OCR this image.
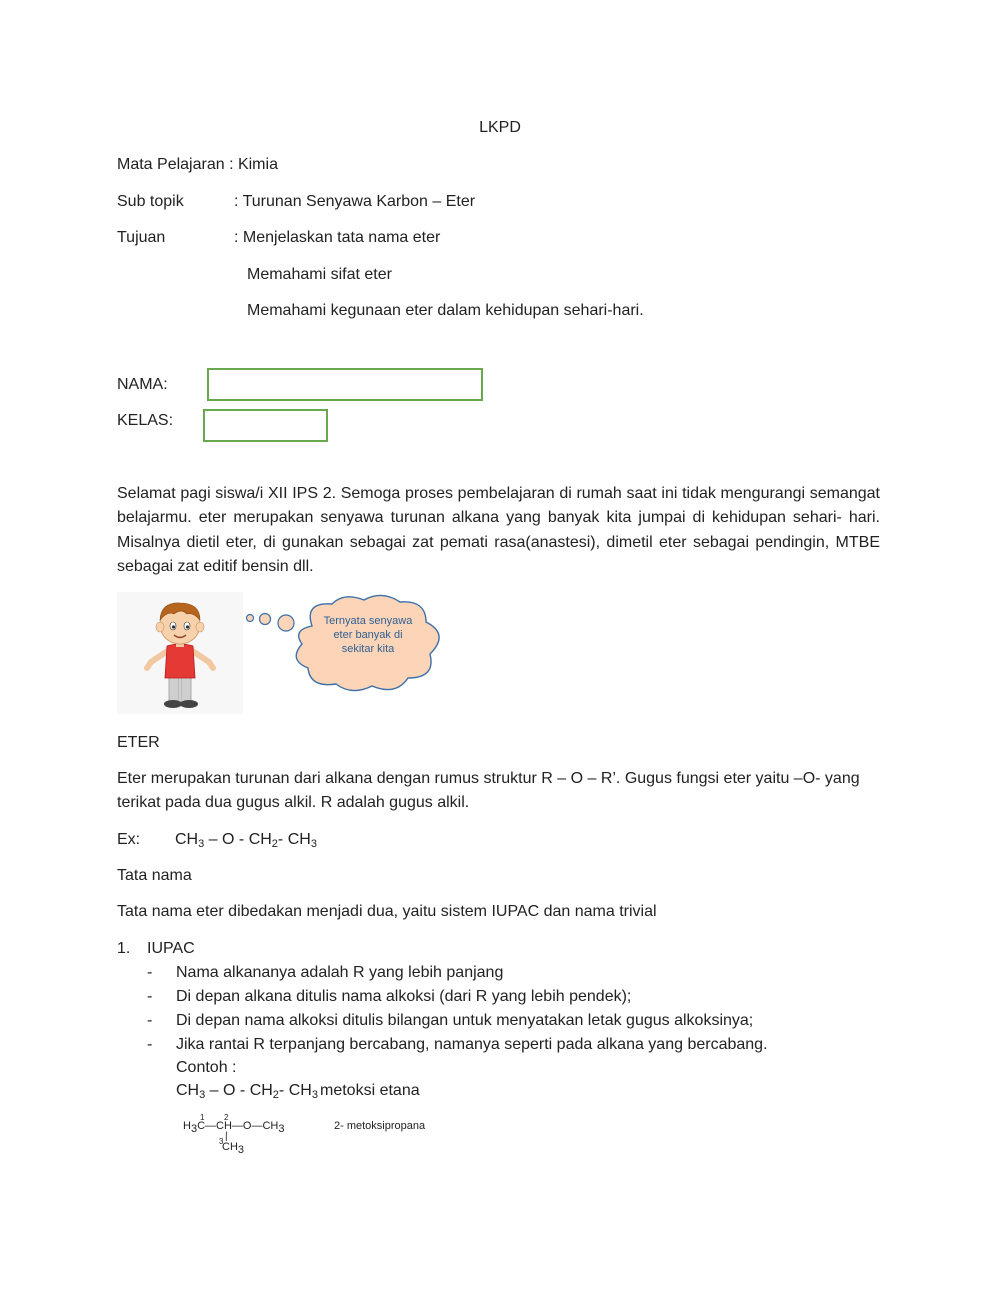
LKPD
Mata Pelajaran : Kimia
Sub topik	: Turunan Senyawa Karbon – Eter
Tujuan	: Menjelaskan tata nama eter
Memahami sifat eter
Memahami kegunaan eter dalam kehidupan sehari-hari.
NAMA:
KELAS:
Selamat pagi siswa/i XII IPS 2. Semoga proses pembelajaran di rumah saat ini tidak mengurangi semangat belajarmu. eter merupakan senyawa turunan alkana yang banyak kita jumpai di kehidupan sehari- hari. Misalnya dietil eter, di gunakan sebagai zat pemati rasa(anastesi), dimetil eter sebagai pendingin, MTBE sebagai zat editif bensin dll.
Ternyata senyawa eter banyak di sekitar kita
ETER
Eter merupakan turunan dari alkana dengan rumus struktur R – O – R’. Gugus fungsi eter yaitu –O- yang terikat pada dua gugus alkil. R adalah gugus alkil.
Ex: $CH_3$ – O - $CH_2-$ $CH_3$
Tata nama
Tata nama eter dibedakan menjadi dua, yaitu sistem IUPAC dan nama trivial
1. IUPAC
- Nama alkananya adalah R yang lebih panjang
- Di depan alkana ditulis nama alkoksi (dari R yang lebih pendek);
- Di depan nama alkoksi ditulis bilangan untuk menyatakan letak gugus alkoksinya;
- Jika rantai R terpanjang bercabang, namanya seperti pada alkana yang bercabang.
Contoh :
$CH_3$ – O - $CH_2-$ $CH_3$ metoksi etana
1 2
$H_3C—CH—O—CH_3$
|
3
$CH_3$
2- metoksipropana
